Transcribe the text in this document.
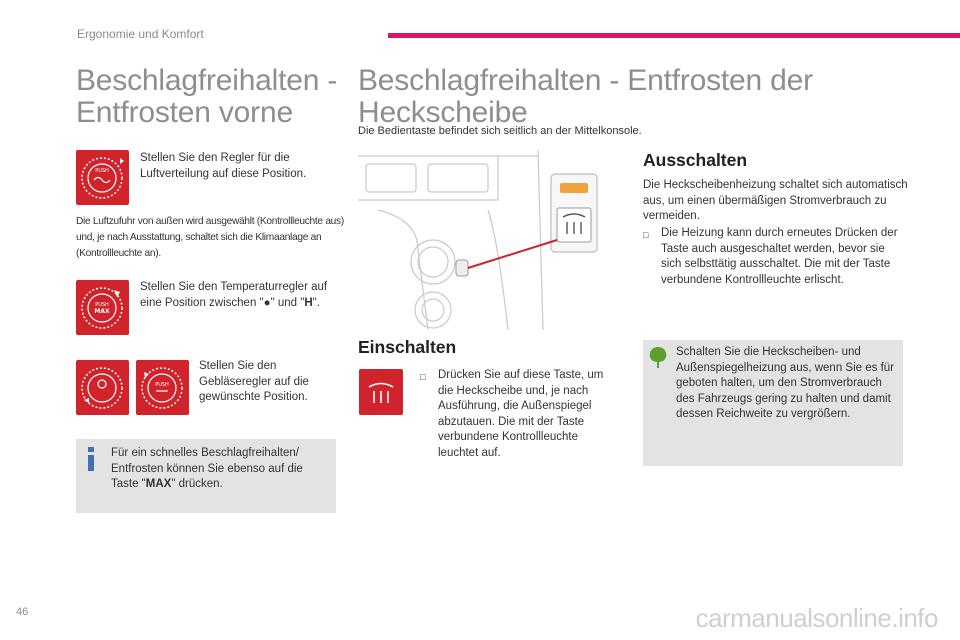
Ergonomie und Komfort
Beschlagfreihalten -
Entfrosten vorne
PUSH
Stellen Sie den Regler für die Luftverteilung auf diese Position.
Die Luftzufuhr von außen wird ausgewählt (Kontrollleuchte aus) und, je nach Ausstattung, schaltet sich die Klimaanlage an (Kontrollleuchte an).
PUSH
MAX
Stellen Sie den Temperaturregler auf eine Position zwischen "●" und "H".
PUSH
Stellen Sie den Gebläseregler auf die gewünschte Position.
Für ein schnelles Beschlagfreihalten/ Entfrosten können Sie ebenso auf die Taste "MAX" drücken.
Beschlagfreihalten - Entfrosten der
Heckscheibe
Die Bedientaste befindet sich seitlich an der Mittelkonsole.
Einschalten
□	Drücken Sie auf diese Taste, um die Heckscheibe und, je nach Ausführung, die Außenspiegel abzutauen. Die mit der Taste verbundene Kontrollleuchte leuchtet auf.
Ausschalten
Die Heckscheibenheizung schaltet sich automatisch aus, um einen übermäßigen Stromverbrauch zu vermeiden.
□	Die Heizung kann durch erneutes Drücken der Taste auch ausgeschaltet werden, bevor sie sich selbsttätig ausschaltet. Die mit der Taste verbundene Kontrollleuchte erlischt.
Schalten Sie die Heckscheiben- und Außenspiegelheizung aus, wenn Sie es für geboten halten, um den Stromverbrauch des Fahrzeugs gering zu halten und damit dessen Reichweite zu vergrößern.
46	carmanualsonline.info
